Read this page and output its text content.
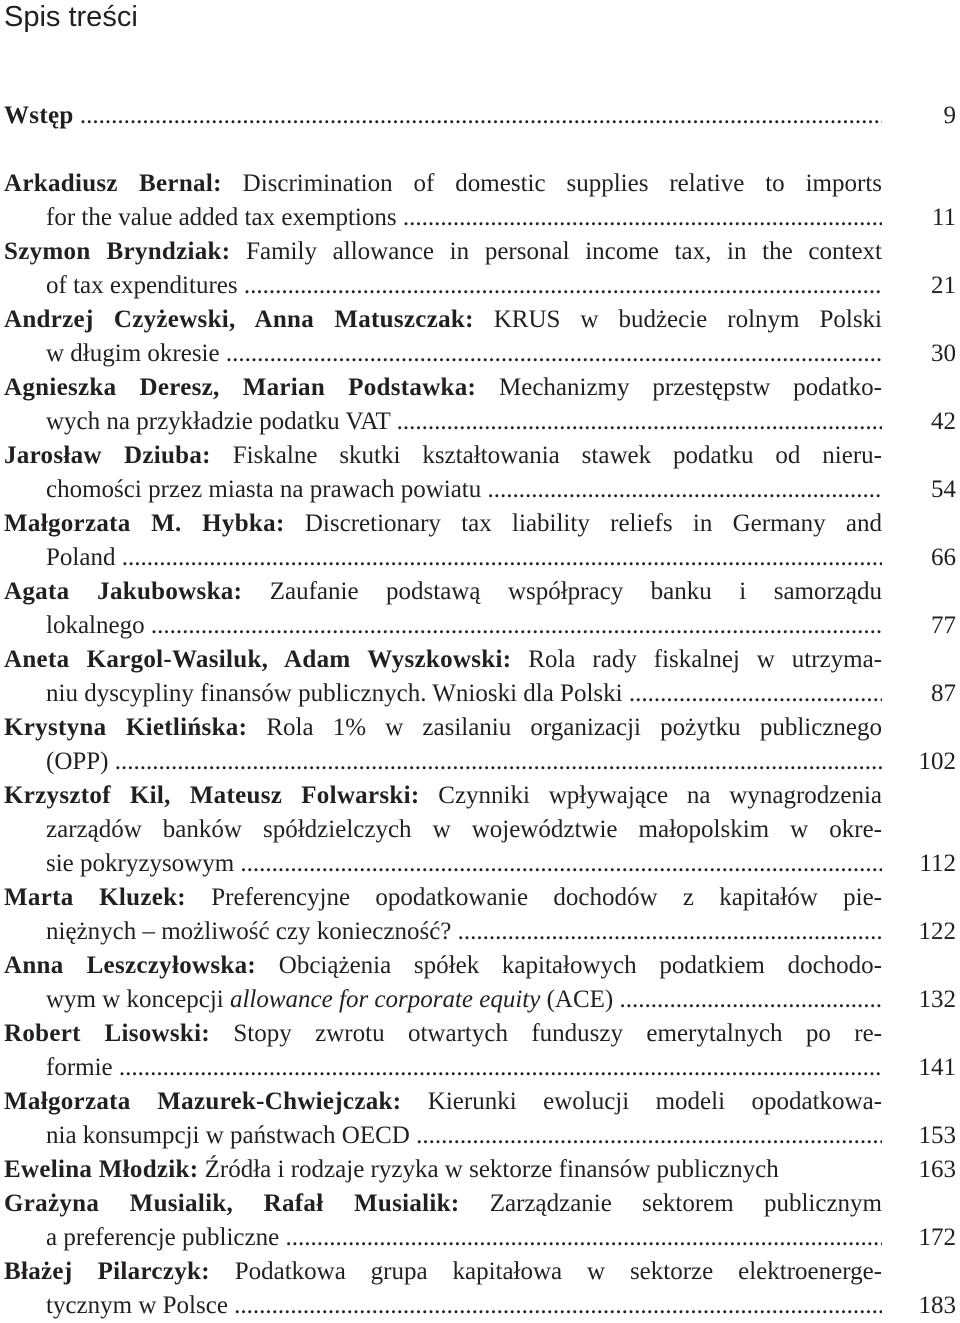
Spis treści
Wstęp .....	9
Arkadiusz Bernal: Discrimination of domestic supplies relative to imports
for the value added tax exemptions .....	11
Szymon Bryndziak: Family allowance in personal income tax, in the context
of tax expenditures .....	21
Andrzej Czyżewski, Anna Matuszczak: KRUS w budżecie rolnym Polski
w długim okresie .....	30
Agnieszka Deresz, Marian Podstawka: Mechanizmy przestępstw podatko-
wych na przykładzie podatku VAT .....	42
Jarosław Dziuba: Fiskalne skutki kształtowania stawek podatku od nieru-
chomości przez miasta na prawach powiatu .....	54
Małgorzata M. Hybka: Discretionary tax liability reliefs in Germany and
Poland .....	66
Agata Jakubowska: Zaufanie podstawą współpracy banku i samorządu
lokalnego .....	77
Aneta Kargol-Wasiluk, Adam Wyszkowski: Rola rady fiskalnej w utrzyma-
niu dyscypliny finansów publicznych. Wnioski dla Polski .....	87
Krystyna Kietlińska: Rola 1% w zasilaniu organizacji pożytku publicznego
(OPP) .....	102
Krzysztof Kil, Mateusz Folwarski: Czynniki wpływające na wynagrodzenia
zarządów banków spółdzielczych w województwie małopolskim w okre-
sie pokryzysowym .....	112
Marta Kluzek: Preferencyjne opodatkowanie dochodów z kapitałów pie-
niężnych – możliwość czy konieczność? .....	122
Anna Leszczyłowska: Obciążenia spółek kapitałowych podatkiem dochodo-
wym w koncepcji allowance for corporate equity (ACE) .....	132
Robert Lisowski: Stopy zwrotu otwartych funduszy emerytalnych po re-
formie .....	141
Małgorzata Mazurek-Chwiejczak: Kierunki ewolucji modeli opodatkowa-
nia konsumpcji w państwach OECD .....	153
Ewelina Młodzik: Źródła i rodzaje ryzyka w sektorze finansów publicznych	163
Grażyna Musialik, Rafał Musialik: Zarządzanie sektorem publicznym
a preferencje publiczne .....	172
Błażej Pilarczyk: Podatkowa grupa kapitałowa w sektorze elektroenerge-
tycznym w Polsce .....	183
